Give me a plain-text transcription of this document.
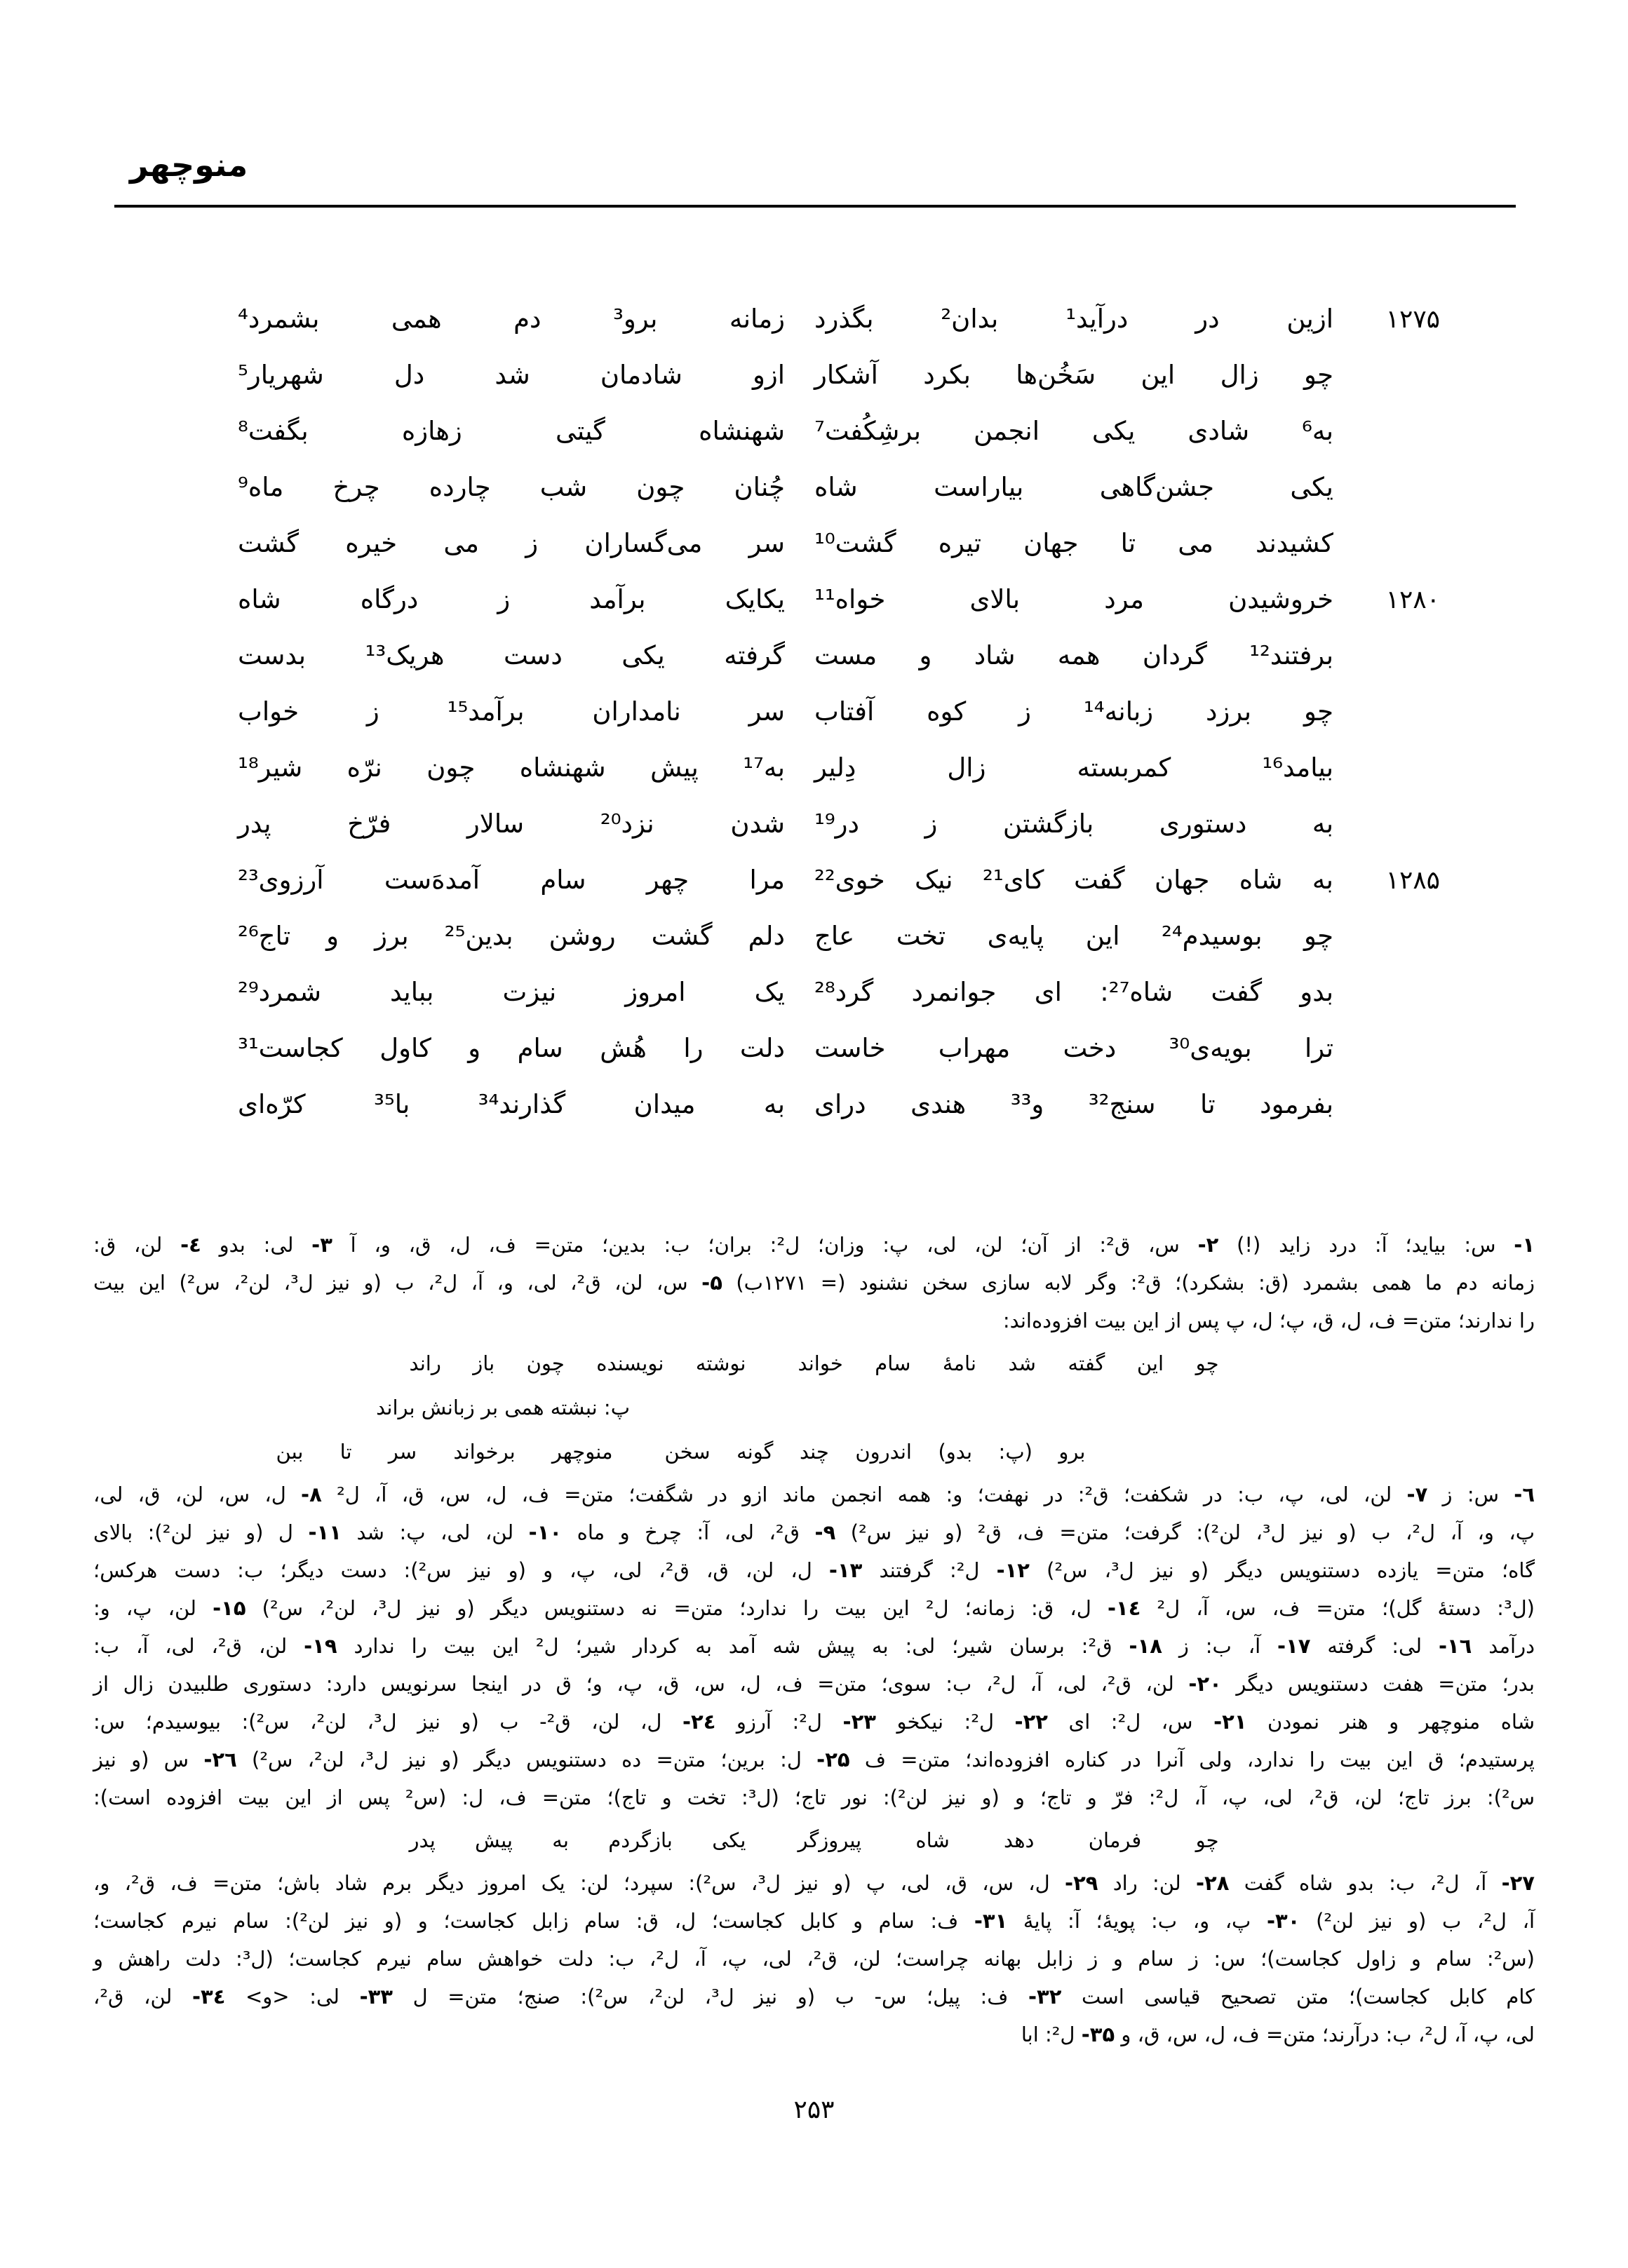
منوچهر
۱۲۷۵
ازین در درآید¹ بدان² بگذرد
زمانه برو³ دم همی بشمرد⁴
چو زال این سَخُن‌ها بکرد آشکار
ازو شادمان شد دل شهریار⁵
به⁶ شادی یکی انجمن برشِکُفت⁷
شهنشاه گیتی زهازه بگفت⁸
یکی جشن‌گاهی بیاراست شاه
چُنان چون شب چارده چرخ ماه⁹
کشیدند می تا جهان تیره گشت¹⁰
سر می‌گساران ز می خیره گشت
۱۲۸۰
خروشیدن مرد بالای خواه¹¹
یکایک برآمد ز درگاه شاه
برفتند¹² گردان همه شاد و مست
گرفته یکی دست هریک¹³ بدست
چو برزد زبانه¹⁴ ز کوه آفتاب
سر نامداران برآمد¹⁵ ز خواب
بیامد¹⁶ کمربسته زال دِلیر
به¹⁷ پیش شهنشاه چون نرّه شیر¹⁸
به دستوری بازگشتن ز در¹⁹
شدن نزد²⁰ سالار فرّخ پدر
۱۲۸۵
به شاه جهان گفت کای²¹ نیک خوی²²
مرا چهر سام آمدهَ‌ست آرزوی²³
چو بوسیدم²⁴ این پایه‌ی تخت عاج
دلم گشت روشن بدین²⁵ برز و تاج²⁶
بدو گفت شاه²⁷: ای جوانمرد گرد²⁸
یک امروز نیزت بباید شمرد²⁹
ترا بویه‌ی³⁰ دخت مهراب خاست
دلت را هُش سام و کاول کجاست³¹
بفرمود تا سنج³² و³³ هندی درای
به میدان گذارند³⁴ با³⁵ کرّه‌ای
۱- س: بیاید؛ آ: درد زاید (!) ۲- س، ق²: از آن؛ لن، لی، پ: وزان؛ ل²: بران؛ ب: بدین؛ متن= ف، ل، ق، و، آ ۳- لی: بدو ٤- لن، ق:
زمانه دم ما همی بشمرد (ق: بشکرد)؛ ق²: وگر لابه سازی سخن نشنود (= ۱۲۷۱ب) ۵- س، لن، ق²، لی، و، آ، ل²، ب (و نیز ل³، لن²، س²) این بیت
را ندارند؛ متن= ف، ل، ق، پ؛ ل، پ پس از این بیت افزوده‌اند:
چو این گفته شد نامهٔ سام خواند
نوشته نویسنده چون باز راند
پ: نبشته همی بر زبانش براند
برو (پ: بدو) اندرون چند گونه سخن
منوچهر برخواند سر تا ببن
٦- س: ز ۷- لن، لی، پ، ب: در شکفت؛ ق²: در نهفت؛ و: همه انجمن ماند ازو در شگفت؛ متن= ف، ل، س، ق، آ، ل² ۸- ل، س، لن، ق، لی،
پ، و، آ، ل²، ب (و نیز ل³، لن²): گرفت؛ متن= ف، ق² (و نیز س²) ۹- ق²، لی، آ: چرخ و ماه ۱۰- لن، لی، پ: شد ۱۱- ل (و نیز لن²): بالای
گاه؛ متن= یازده دستنویس دیگر (و نیز ل³، س²) ۱۲- ل²: گرفتند ۱۳- ل، لن، ق، ق²، لی، پ، و (و نیز س²): دست دیگر؛ ب: دست هرکس؛
(ل³: دستهٔ گل)؛ متن= ف، س، آ، ل² ۱٤- ل، ق: زمانه؛ ل² این بیت را ندارد؛ متن= نه دستنویس دیگر (و نیز ل³، لن²، س²) ۱۵- لن، پ، و:
درآمد ۱٦- لی: گرفته ۱۷- آ، ب: ز ۱۸- ق²: برسان شیر؛ لی: به پیش شه آمد به کردار شیر؛ ل² این بیت را ندارد ۱۹- لن، ق²، لی، آ، ب:
بدر؛ متن= هفت دستنویس دیگر ۲۰- لن، ق²، لی، آ، ل²، ب: سوی؛ متن= ف، ل، س، ق، پ، و؛ ق در اینجا سرنویس دارد: دستوری طلبیدن زال از
شاه منوچهر و هنر نمودن ۲۱- س، ل²: ای ۲۲- ل²: نیکخو ۲۳- ل²: آرزو ۲٤- ل، لن، ق²- ب (و نیز ل³، لن²، س²): بیوسیدم؛ س:
پرستیدم؛ ق این بیت را ندارد، ولی آنرا در کناره افزوده‌اند؛ متن= ف ۲۵- ل: برین؛ متن= ده دستنویس دیگر (و نیز ل³، لن²، س²) ۲٦- س (و نیز
س²): برز تاج؛ لن، ق²، لی، پ، آ، ل²: فرّ و تاج؛ و (و نیز لن²): نور تاج؛ (ل³: تخت و تاج)؛ متن= ف، ل: (س² پس از این بیت افزوده است):
چو فرمان دهد شاه پیروزگر
یکی بازگردم به پیش پدر
۲۷- آ، ل²، ب: بدو شاه گفت ۲۸- لن: راد ۲۹- ل، س، ق، لی، پ (و نیز ل³، س²): سپرد؛ لن: یک امروز دیگر برم شاد باش؛ متن= ف، ق²، و،
آ، ل²، ب (و نیز لن²) ۳۰- پ، و، ب: پویهٔ؛ آ: پایهٔ ۳۱- ف: سام و کابل کجاست؛ ل، ق: سام زابل کجاست؛ و (و نیز لن²): سام نیرم کجاست؛
(س²: سام و زاول کجاست)؛ س: ز سام و ز زابل بهانه چراست؛ لن، ق²، لی، پ، آ، ل²، ب: دلت خواهش سام نیرم کجاست؛ (ل³: دلت راهش و
کام کابل کجاست)؛ متن تصحیح قیاسی است ۳۲- ف: پیل؛ س- ب (و نیز ل³، لن²، س²): صنج؛ متن= ل ۳۳- لی: <و> ۳٤- لن، ق²،
لی، پ، آ، ل²، ب: درآرند؛ متن= ف، ل، س، ق، و ۳۵- ل²: ابا
۲۵۳
